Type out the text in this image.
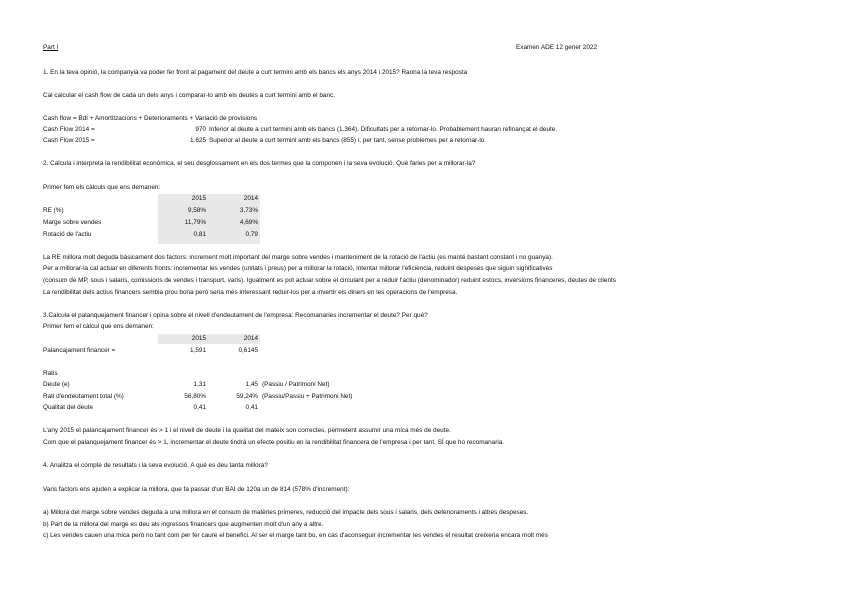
Part I	Examen ADE 12 gener 2022
1. En la teva opinió, la companyia va poder fer front al pagament del deute a curt termini amb els bancs els anys 2014 i 2015? Raona la teva resposta
Cal calcular el cash flow de cada un dels anys i comparar-lo amb els deutes a curt termini amb el banc.
Cash flow = BdI + Amortitzacions + Deterioraments + Variació de provisions
Cash Flow 2014 =	970 Inferior al deute a curt termini amb els bancs (1.364). Dificultats per a retornar-lo. Probablement hauran refinançat el deute.
Cash Flow 2015 =	1.625 Superior al deute a curt termini amb els bancs (855) i, per tant, sense problemes per a retornar-lo.
2. Calcula i interpreta la rendibilitat econòmica, el seu desglossament en els dos termes que la componen i la seva evolució. Què faries per a millorar-la?
Primer fem els càlculs que ens demanen:
2015	2014
RE (%)	9,58%	3,73%
Marge sobre vendes	11,79%	4,69%
Rotació de l'actiu	0,81	0,79
La RE millora molt deguda bàsicament dos factors: increment molt important del marge sobre vendes i manteniment de la rotació de l'actiu (es manté bastant constant i no guanya).
Per a millorar-la cal actuar en diferents fronts: incrementar les vendes (unitats i preus) per a millorar la rotació, intentar millorar l'eficiència, reduint despeses que siguin significatives
(consum de MP, sous i salaris, comissions de vendes i transport, varis). Igualment es pot actuar sobre el circulant per a reduir l'actiu (denominador) reduint estocs, inversions financeres, deutes de clients
La rendibilitat dels actius financers sembla prou bona però seria més interessant reduir-los per a invertir els diners en les operacions de l'empresa.
3.Calcula el palanquejament financer i opina sobre el nivell d'endeutament de l'empresa: Recomanaries incrementar el deute? Per què?
Primer fem el càlcul que ens demanen:
2015	2014
Palancajament financer =	1,591	0,6145
Ratis
Deute (e)	1,31	1,45 (Passiu / Patrimoni Net)
Rati d'endeutament total (%)	56,80%	59,24% (Passiu/Passiu + Patrimoni Net)
Qualitat del deute	0,41	0,41
L'any 2015 el palancajament financer és > 1 i el nivell de deute i la qualitat del mateix son correctes, permetent assumir una mica més de deute.
Com que el palanquejament financer és > 1, incrementar el deute tindrà un efecte positiu en la rendibilitat financera de l'empresa i per tant, SÍ que ho recomanaria.
4. Analitza el compte de resultats i la seva evolució. A què es deu tanta millora?
Varis factors ens ajuden a explicar la millora, que fa passar d'un BAI de 120a un de 814 (578% d'increment):
a) Millora del marge sobre vendes deguda a una millora en el consum de matèries primeres, reducció del impacte dels sous i salaris, dels deterioraments i altres despeses.
b) Part de la millora del marge es deu als ingressos financers que augmenten molt d'un any a altre.
c) Les vendes cauen una mica però no tant com per fer caure el benefici. Al ser el marge tant bo, en cas d'aconseguir incrementar les vendes el resultat creixeria encara molt més
